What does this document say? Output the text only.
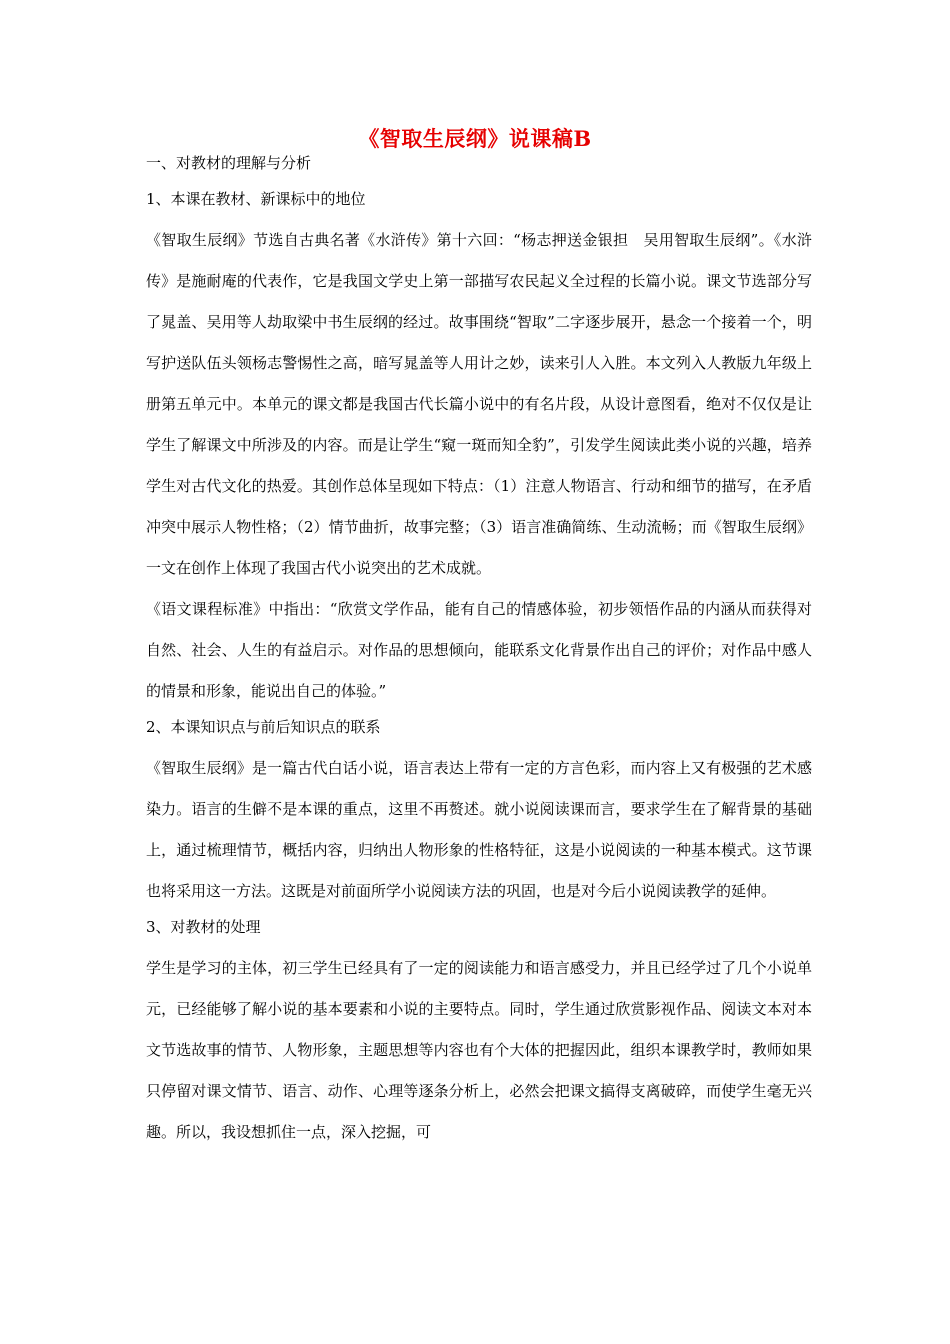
《智取生辰纲》说课稿B

一、对教材的理解与分析

1、本课在教材、新课标中的地位

《智取生辰纲》节选自古典名著《水浒传》第十六回：“杨志押送金银担　吴用智取生辰纲”。《水浒传》是施耐庵的代表作，它是我国文学史上第一部描写农民起义全过程的长篇小说。课文节选部分写了晁盖、吴用等人劫取梁中书生辰纲的经过。故事围绕“智取”二字逐步展开，悬念一个接着一个，明写护送队伍头领杨志警惕性之高，暗写晁盖等人用计之妙，读来引人入胜。本文列入人教版九年级上册第五单元中。本单元的课文都是我国古代长篇小说中的有名片段，从设计意图看，绝对不仅仅是让学生了解课文中所涉及的内容。而是让学生“窥一斑而知全豹”，引发学生阅读此类小说的兴趣，培养学生对古代文化的热爱。其创作总体呈现如下特点：（1）注意人物语言、行动和细节的描写，在矛盾冲突中展示人物性格；（2）情节曲折，故事完整；（3）语言准确简练、生动流畅；而《智取生辰纲》一文在创作上体现了我国古代小说突出的艺术成就。

《语文课程标准》中指出：“欣赏文学作品，能有自己的情感体验，初步领悟作品的内涵从而获得对自然、社会、人生的有益启示。对作品的思想倾向，能联系文化背景作出自己的评价；对作品中感人的情景和形象，能说出自己的体验。”

2、本课知识点与前后知识点的联系

《智取生辰纲》是一篇古代白话小说，语言表达上带有一定的方言色彩，而内容上又有极强的艺术感染力。语言的生僻不是本课的重点，这里不再赘述。就小说阅读课而言，要求学生在了解背景的基础上，通过梳理情节，概括内容，归纳出人物形象的性格特征，这是小说阅读的一种基本模式。这节课也将采用这一方法。这既是对前面所学小说阅读方法的巩固，也是对今后小说阅读教学的延伸。

3、对教材的处理

学生是学习的主体，初三学生已经具有了一定的阅读能力和语言感受力，并且已经学过了几个小说单元，已经能够了解小说的基本要素和小说的主要特点。同时，学生通过欣赏影视作品、阅读文本对本文节选故事的情节、人物形象，主题思想等内容也有个大体的把握因此，组织本课教学时，教师如果只停留对课文情节、语言、动作、心理等逐条分析上，必然会把课文搞得支离破碎，而使学生毫无兴趣。所以，我设想抓住一点，深入挖掘，可
